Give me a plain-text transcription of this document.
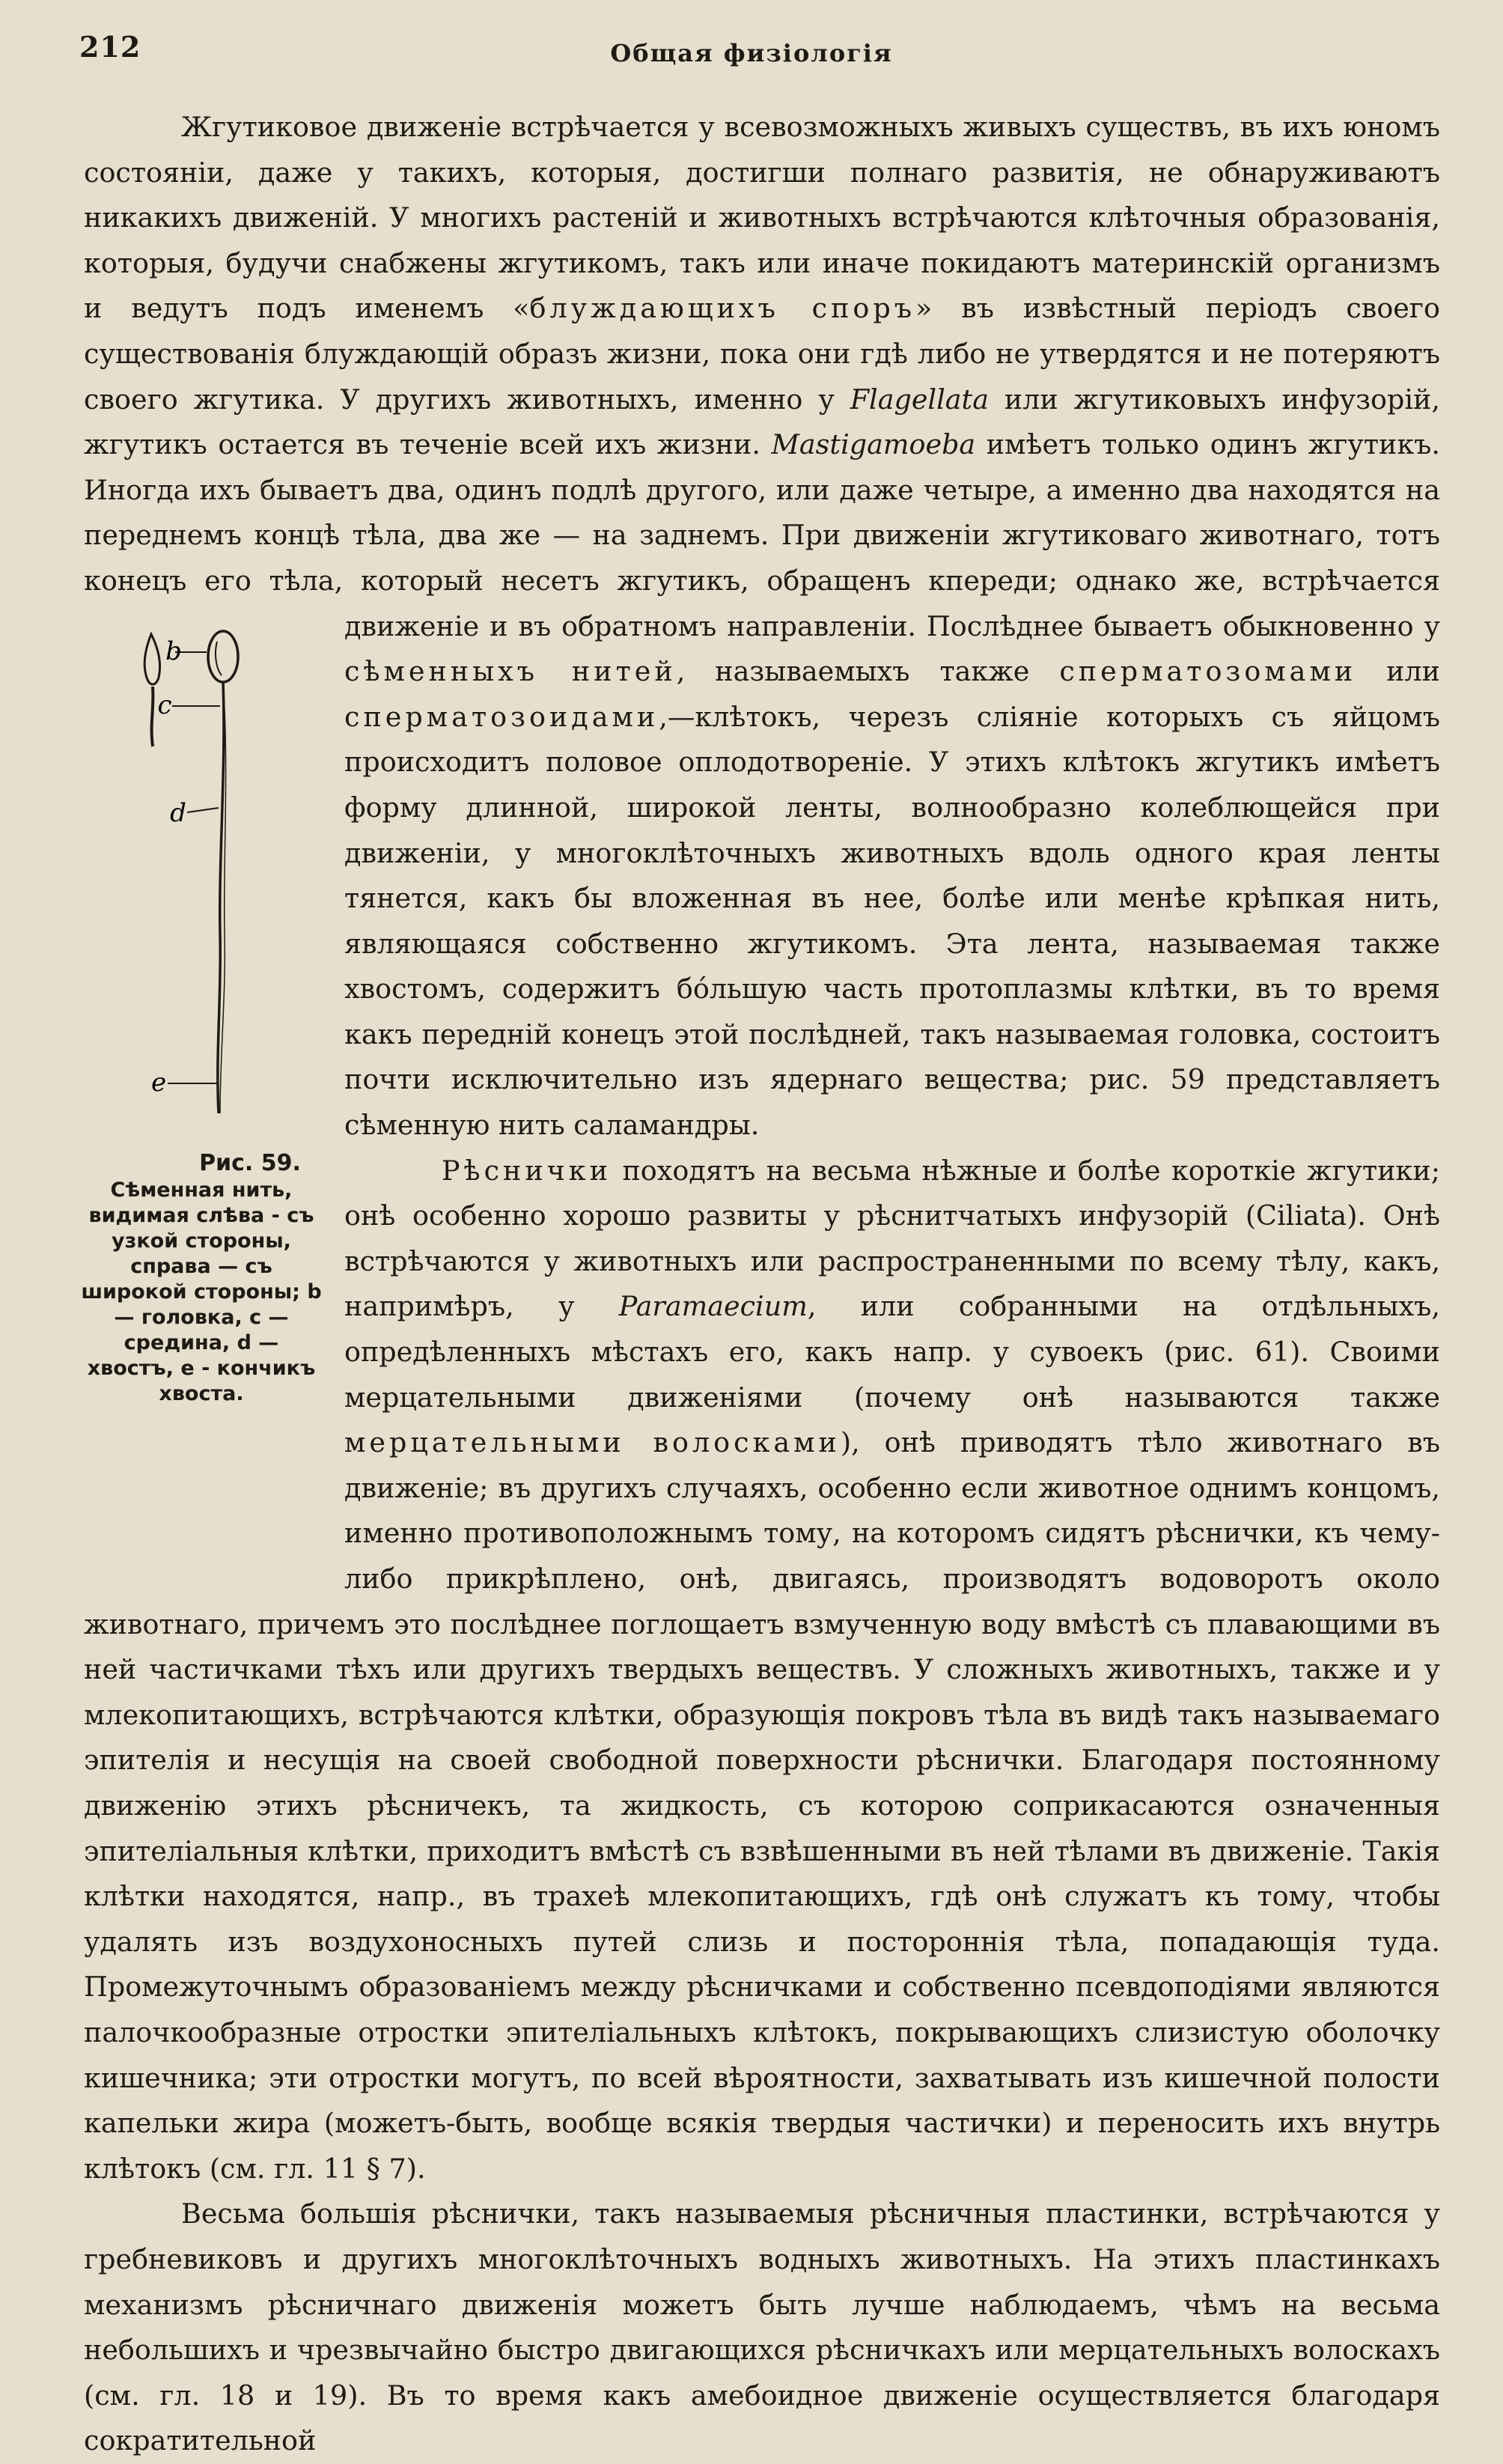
212	Общая физiологiя

Жгутиковое движенiе встрѣчается у всевозможныхъ живыхъ существъ, въ ихъ юномъ состоянiи, даже у такихъ, которыя, достигши полнаго развитiя, не обнаруживаютъ никакихъ движенiй. У многихъ растенiй и животныхъ встрѣчаются клѣточныя образованiя, которыя, будучи снабжены жгутикомъ, такъ или иначе покидаютъ материнскiй организмъ и ведутъ подъ именемъ «блуждающихъ споръ» въ извѣстный перiодъ своего существованiя блуждающiй образъ жизни, пока они гдѣ либо не утвердятся и не потеряютъ своего жгутика. У другихъ животныхъ, именно у Flagellata или жгутиковыхъ инфузорiй, жгутикъ остается въ теченiе всей ихъ жизни. Mastigamoeba имѣетъ только одинъ жгутикъ. Иногда ихъ бываетъ два, одинъ подлѣ другого, или даже четыре, а именно два находятся на переднемъ концѣ тѣла, два же — на заднемъ. При движенiи жгутиковаго животнаго, тотъ конецъ его тѣла, который несетъ жгутикъ, обращенъ кпереди; однако же, встрѣчается движенiе и въ обратномъ направленiи. Послѣднее бываетъ обыкновенно у
b
c
d
e
Рис. 59.
Сѣменная нить, видимая слѣва - съ узкой стороны, справа — съ широкой стороны; b — головка, c — средина, d — хвостъ, e - кончикъ хвоста.
сѣменныхъ нитей, называемыхъ также сперматозомами или сперматозоидами,—клѣтокъ, черезъ слiянiе которыхъ съ яйцомъ происходитъ половое оплодотворенiе. У этихъ клѣтокъ жгутикъ имѣетъ форму длинной, широкой ленты, волнообразно колеблющейся при движенiи, у многоклѣточныхъ животныхъ вдоль одного края ленты тянется, какъ бы вложенная въ нее, болѣе или менѣе крѣпкая нить, являющаяся собственно жгутикомъ. Эта лента, называемая также хвостомъ, содержитъ бóльшую часть протоплазмы клѣтки, въ то время какъ переднiй конецъ этой послѣдней, такъ называемая головка, состоитъ почти исключительно изъ ядернаго вещества; рис. 59 представляетъ сѣменную нить саламандры.

Рѣснички походятъ на весьма нѣжные и болѣе короткiе жгутики; онѣ особенно хорошо развиты у рѣснитчатыхъ инфузорiй (Ciliata). Онѣ встрѣчаются у животныхъ или распространенными по всему тѣлу, какъ, напримѣръ, у Paramaecium, или собранными на отдѣльныхъ, опредѣленныхъ мѣстахъ его, какъ напр. у сувоекъ (рис. 61). Своими мерцательными движенiями (почему онѣ называются также мерцательными волосками), онѣ приводятъ тѣло животнаго въ движенiе; въ другихъ случаяхъ, особенно если животное однимъ концомъ, именно противоположнымъ тому, на которомъ сидятъ рѣснички, къ чему-либо прикрѣплено, онѣ, двигаясь, производятъ водоворотъ около животнаго, причемъ это послѣднее поглощаетъ взмученную воду вмѣстѣ съ плавающими въ ней частичками тѣхъ или другихъ твердыхъ веществъ. У сложныхъ животныхъ, также и у млекопитающихъ, встрѣчаются клѣтки, образующiя покровъ тѣла въ видѣ такъ называемаго эпителiя и несущiя на своей свободной поверхности рѣснички. Благодаря постоянному движенiю этихъ рѣсничекъ, та жидкость, съ которою соприкасаются означенныя эпителiальныя клѣтки, приходитъ вмѣстѣ съ взвѣшенными въ ней тѣлами въ движенiе. Такiя клѣтки находятся, напр., въ трахеѣ млекопитающихъ, гдѣ онѣ служатъ къ тому, чтобы удалять изъ воздухоносныхъ путей слизь и постороннiя тѣла, попадающiя туда. Промежуточнымъ образованiемъ между рѣсничками и собственно псевдоподiями являются палочкообразные отростки эпителiальныхъ клѣтокъ, покрывающихъ слизистую оболочку кишечника; эти отростки могутъ, по всей вѣроятности, захватывать изъ кишечной полости капельки жира (можетъ-быть, вообще всякiя твердыя частички) и переносить ихъ внутрь клѣтокъ (см. гл. 11 § 7).

Весьма большiя рѣснички, такъ называемыя рѣсничныя пластинки, встрѣчаются у гребневиковъ и другихъ многоклѣточныхъ водныхъ животныхъ. На этихъ пластинкахъ механизмъ рѣсничнаго движенiя можетъ быть лучше наблюдаемъ, чѣмъ на весьма небольшихъ и чрезвычайно быстро двигающихся рѣсничкахъ или мерцательныхъ волоскахъ (см. гл. 18 и 19). Въ то время какъ амебоидное движенiе осуществляется благодаря сократительной
